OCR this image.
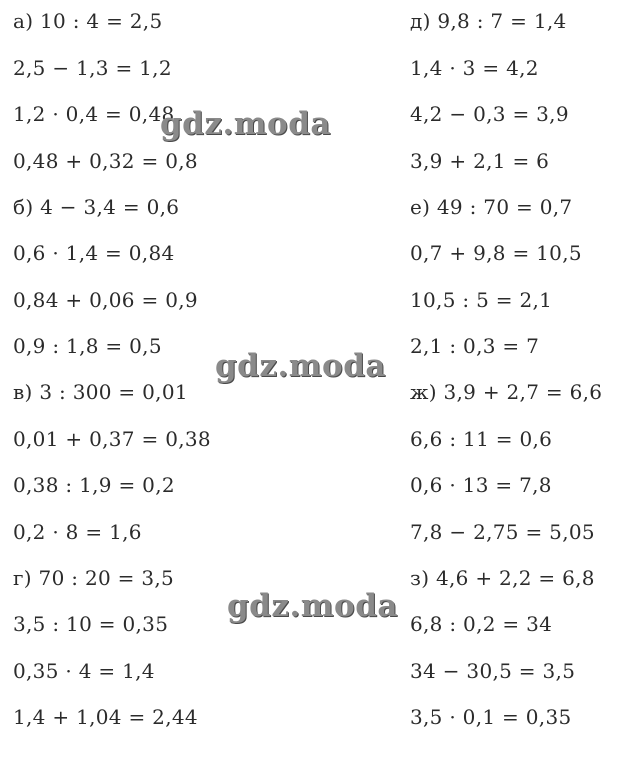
а) 10 : 4 = 2,5
2,5 − 1,3 = 1,2
1,2 · 0,4 = 0,48
0,48 + 0,32 = 0,8
б) 4 − 3,4 = 0,6
0,6 · 1,4 = 0,84
0,84 + 0,06 = 0,9
0,9 : 1,8 = 0,5
в) 3 : 300 = 0,01
0,01 + 0,37 = 0,38
0,38 : 1,9 = 0,2
0,2 · 8 = 1,6
г) 70 : 20 = 3,5
3,5 : 10 = 0,35
0,35 · 4 = 1,4
1,4 + 1,04 = 2,44
д) 9,8 : 7 = 1,4
1,4 · 3 = 4,2
4,2 − 0,3 = 3,9
3,9 + 2,1 = 6
е) 49 : 70 = 0,7
0,7 + 9,8 = 10,5
10,5 : 5 = 2,1
2,1 : 0,3 = 7
ж) 3,9 + 2,7 = 6,6
6,6 : 11 = 0,6
0,6 · 13 = 7,8
7,8 − 2,75 = 5,05
з) 4,6 + 2,2 = 6,8
6,8 : 0,2 = 34
34 − 30,5 = 3,5
3,5 · 0,1 = 0,35
gdz.moda
gdz.moda
gdz.moda
